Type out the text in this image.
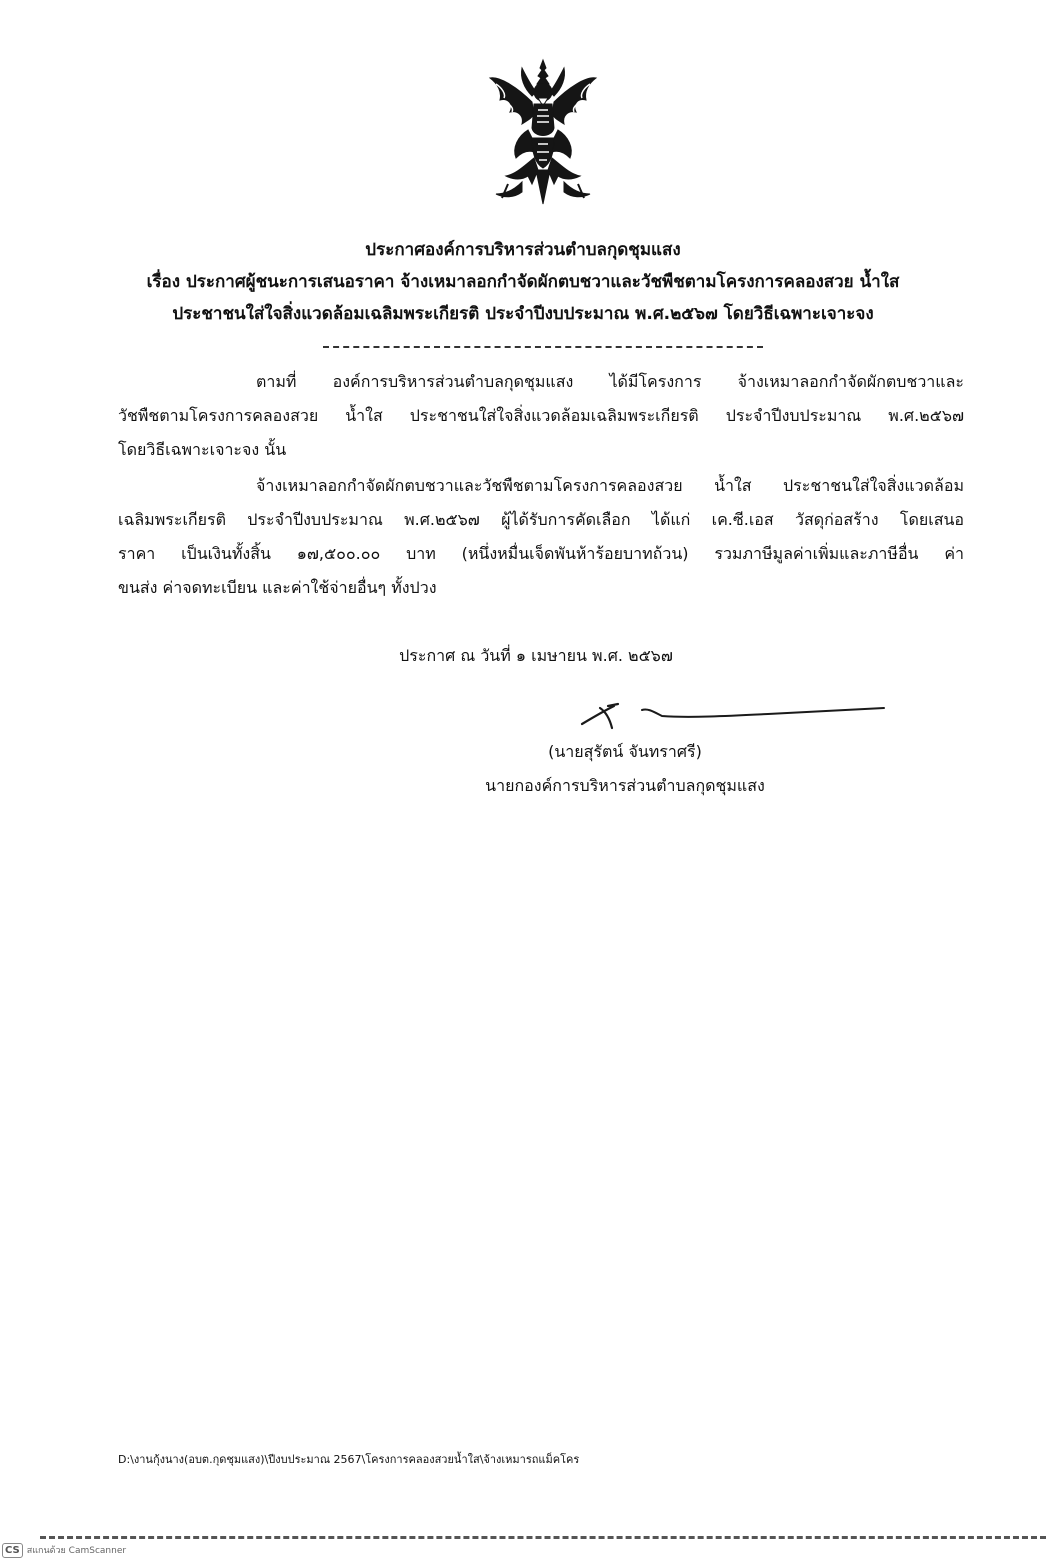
ประกาศองค์การบริหารส่วนตำบลกุดชุมแสง
เรื่อง ประกาศผู้ชนะการเสนอราคา จ้างเหมาลอกกำจัดผักตบชวาและวัชพืชตามโครงการคลองสวย น้ำใส
ประชาชนใส่ใจสิ่งแวดล้อมเฉลิมพระเกียรติ ประจำปีงบประมาณ พ.ศ.๒๕๖๗ โดยวิธีเฉพาะเจาะจง
ตามที่ องค์การบริหารส่วนตำบลกุดชุมแสง ได้มีโครงการ จ้างเหมาลอกกำจัดผักตบชวาและ
วัชพืชตามโครงการคลองสวย น้ำใส ประชาชนใส่ใจสิ่งแวดล้อมเฉลิมพระเกียรติ ประจำปีงบประมาณ พ.ศ.๒๕๖๗
โดยวิธีเฉพาะเจาะจง นั้น
จ้างเหมาลอกกำจัดผักตบชวาและวัชพืชตามโครงการคลองสวย น้ำใส ประชาชนใส่ใจสิ่งแวดล้อม
เฉลิมพระเกียรติ ประจำปีงบประมาณ พ.ศ.๒๕๖๗ ผู้ได้รับการคัดเลือก ได้แก่ เค.ซี.เอส วัสดุก่อสร้าง โดยเสนอ
ราคา เป็นเงินทั้งสิ้น ๑๗,๕๐๐.๐๐ บาท (หนึ่งหมื่นเจ็ดพันห้าร้อยบาทถ้วน) รวมภาษีมูลค่าเพิ่มและภาษีอื่น ค่า
ขนส่ง ค่าจดทะเบียน และค่าใช้จ่ายอื่นๆ ทั้งปวง
ประกาศ ณ วันที่ ๑ เมษายน พ.ศ. ๒๕๖๗
(นายสุรัตน์ จันทราศรี)
นายกองค์การบริหารส่วนตำบลกุดชุมแสง
D:\งานกุ้งนาง(อบต.กุดชุมแสง)\ปีงบประมาณ 2567\โครงการคลองสวยน้ำใส\จ้างเหมารถแม็คโคร
CS สแกนด้วย CamScanner
